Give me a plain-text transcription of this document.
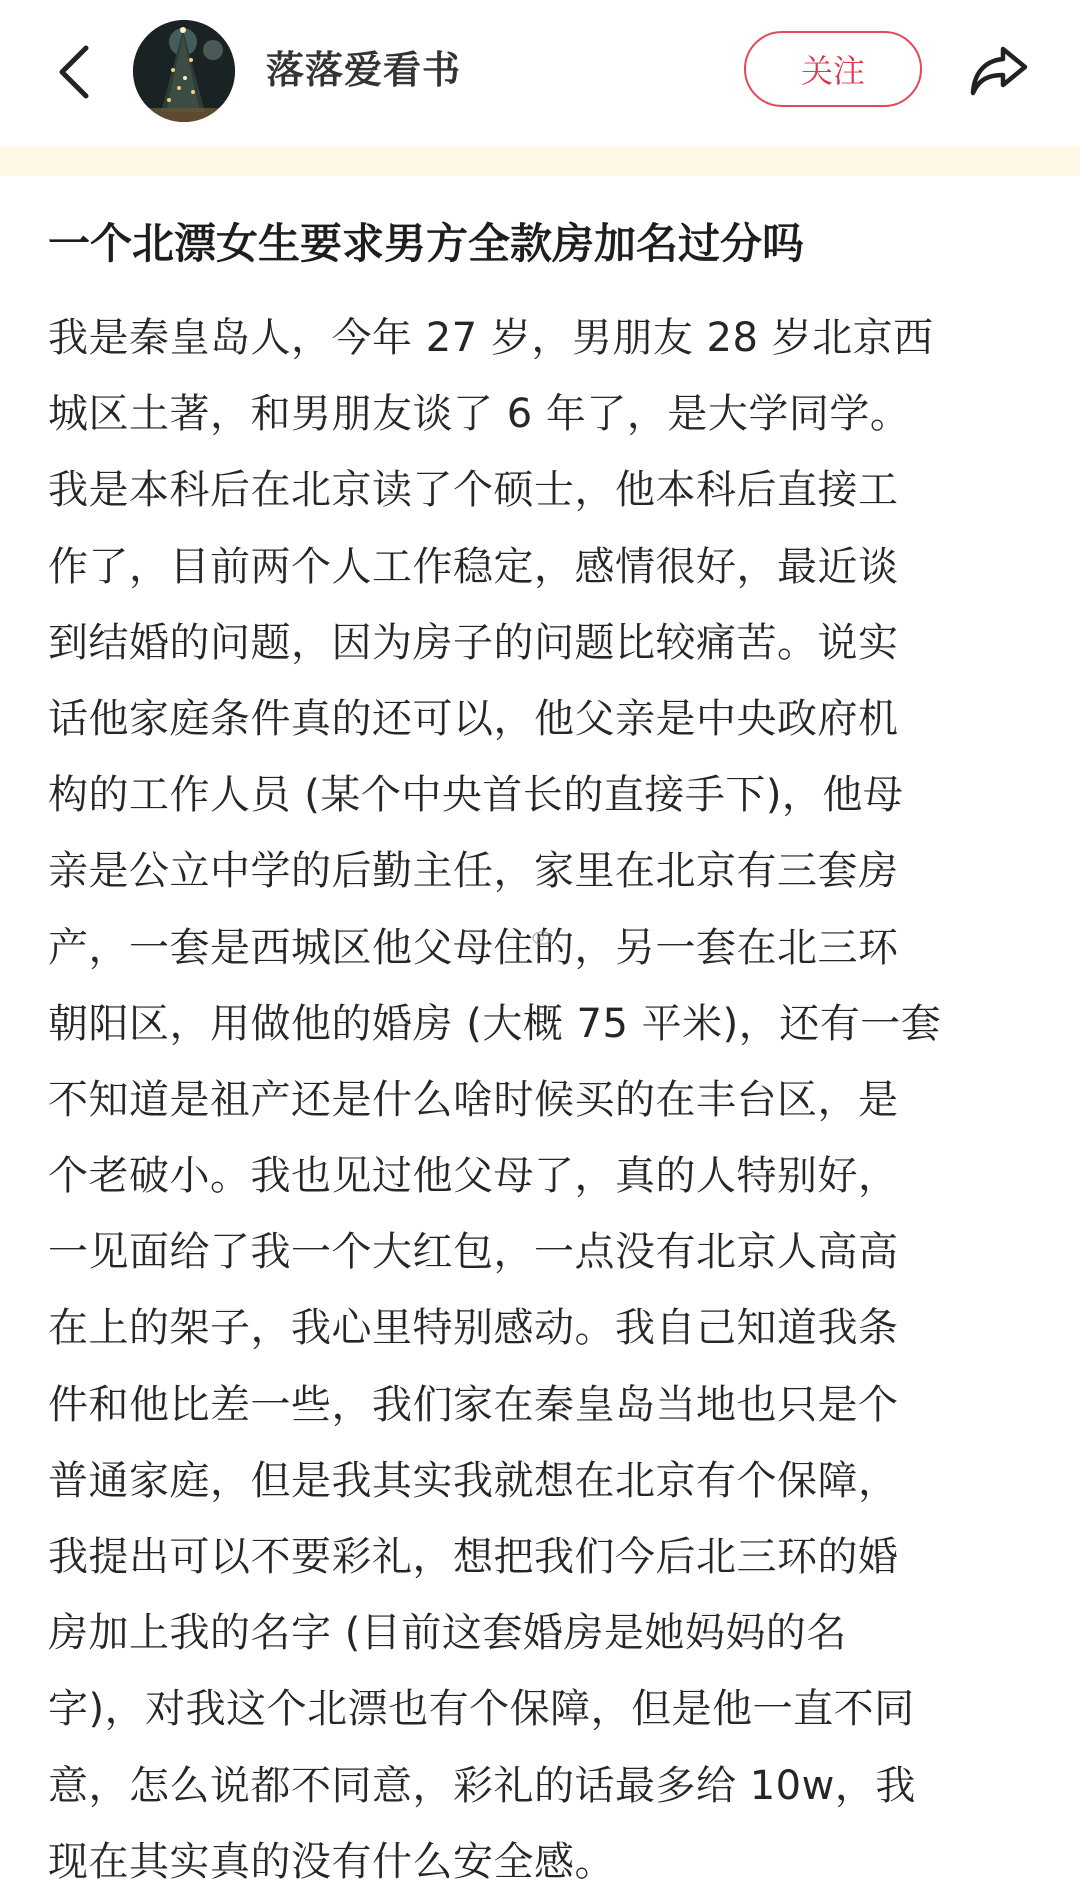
落落爱看书	关注
一个北漂女生要求男方全款房加名过分吗
我是秦皇岛人，今年 27 岁，男朋友 28 岁北京西
城区土著，和男朋友谈了 6 年了，是大学同学。
我是本科后在北京读了个硕士，他本科后直接工
作了，目前两个人工作稳定，感情很好，最近谈
到结婚的问题，因为房子的问题比较痛苦。说实
话他家庭条件真的还可以，他父亲是中央政府机
构的工作人员 (某个中央首长的直接手下)，他母
亲是公立中学的后勤主任，家里在北京有三套房
产，一套是西城区他父母住的，另一套在北三环
朝阳区，用做他的婚房 (大概 75 平米)，还有一套
不知道是祖产还是什么啥时候买的在丰台区，是
个老破小。我也见过他父母了，真的人特别好，
一见面给了我一个大红包，一点没有北京人高高
在上的架子，我心里特别感动。我自己知道我条
件和他比差一些，我们家在秦皇岛当地也只是个
普通家庭，但是我其实我就想在北京有个保障，
我提出可以不要彩礼，想把我们今后北三环的婚
房加上我的名字 (目前这套婚房是她妈妈的名
字)，对我这个北漂也有个保障，但是他一直不同
意，怎么说都不同意，彩礼的话最多给 10w，我
现在其实真的没有什么安全感。
